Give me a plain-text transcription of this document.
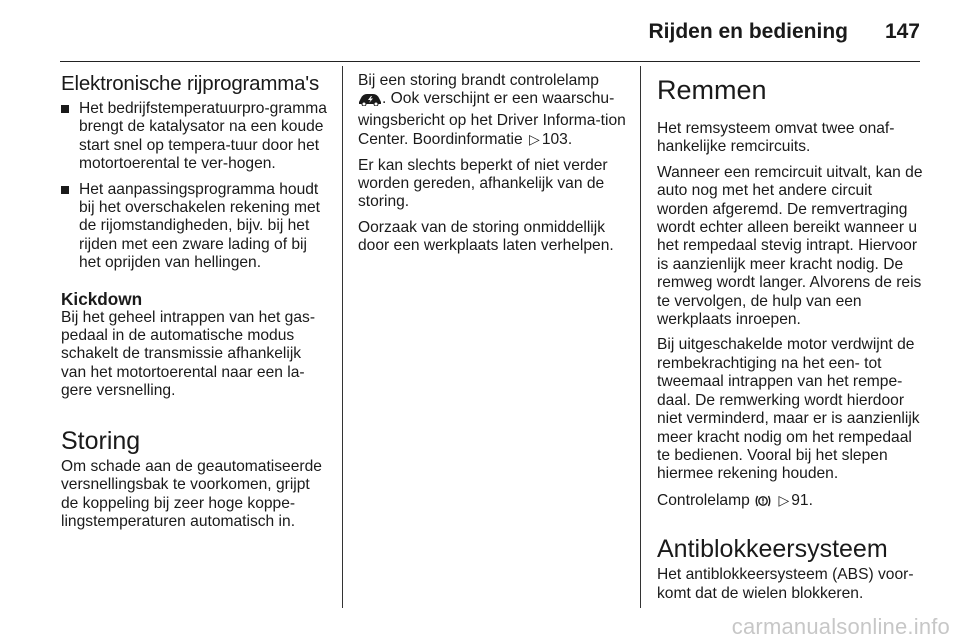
Rijden en bediening 147
Elektronische rijprogramma's
Het bedrijfstemperatuurpro-gramma brengt de katalysator na een koude start snel op tempera-tuur door het motortoerental te ver-hogen.
Het aanpassingsprogramma houdt bij het overschakelen rekening met de rijomstandigheden, bijv. bij het rijden met een zware lading of bij het oprijden van hellingen.
Kickdown

Bij het geheel intrappen van het gas-pedaal in de automatische modus schakelt de transmissie afhankelijk van het motortoerental naar een la-gere versnelling.

Storing

Om schade aan de geautomatiseerde versnellingsbak te voorkomen, grijpt de koppeling bij zeer hoge koppe-lingstemperaturen automatisch in.

Bij een storing brandt controlelamp . Ook verschijnt er een waarschu-wingsbericht op het Driver Informa-tion Center. Boordinformatie ▷ 103.

Er kan slechts beperkt of niet verder worden gereden, afhankelijk van de storing.

Oorzaak van de storing onmiddellijk door een werkplaats laten verhelpen.

Remmen

Het remsysteem omvat twee onaf-hankelijke remcircuits.

Wanneer een remcircuit uitvalt, kan de auto nog met het andere circuit worden afgeremd. De remvertraging wordt echter alleen bereikt wanneer u het rempedaal stevig intrapt. Hiervoor is aanzienlijk meer kracht nodig. De remweg wordt langer. Alvorens de reis te vervolgen, de hulp van een werkplaats inroepen.

Bij uitgeschakelde motor verdwijnt de rembekrachtiging na het een- tot tweemaal intrappen van het rempe-daal. De remwerking wordt hierdoor niet verminderd, maar er is aanzienlijk meer kracht nodig om het rempedaal te bedienen. Vooral bij het slepen hiermee rekening houden.

Controlelamp ▷ 91.

Antiblokkeersysteem

Het antiblokkeersysteem (ABS) voor-komt dat de wielen blokkeren.

carmanualsonline.info
